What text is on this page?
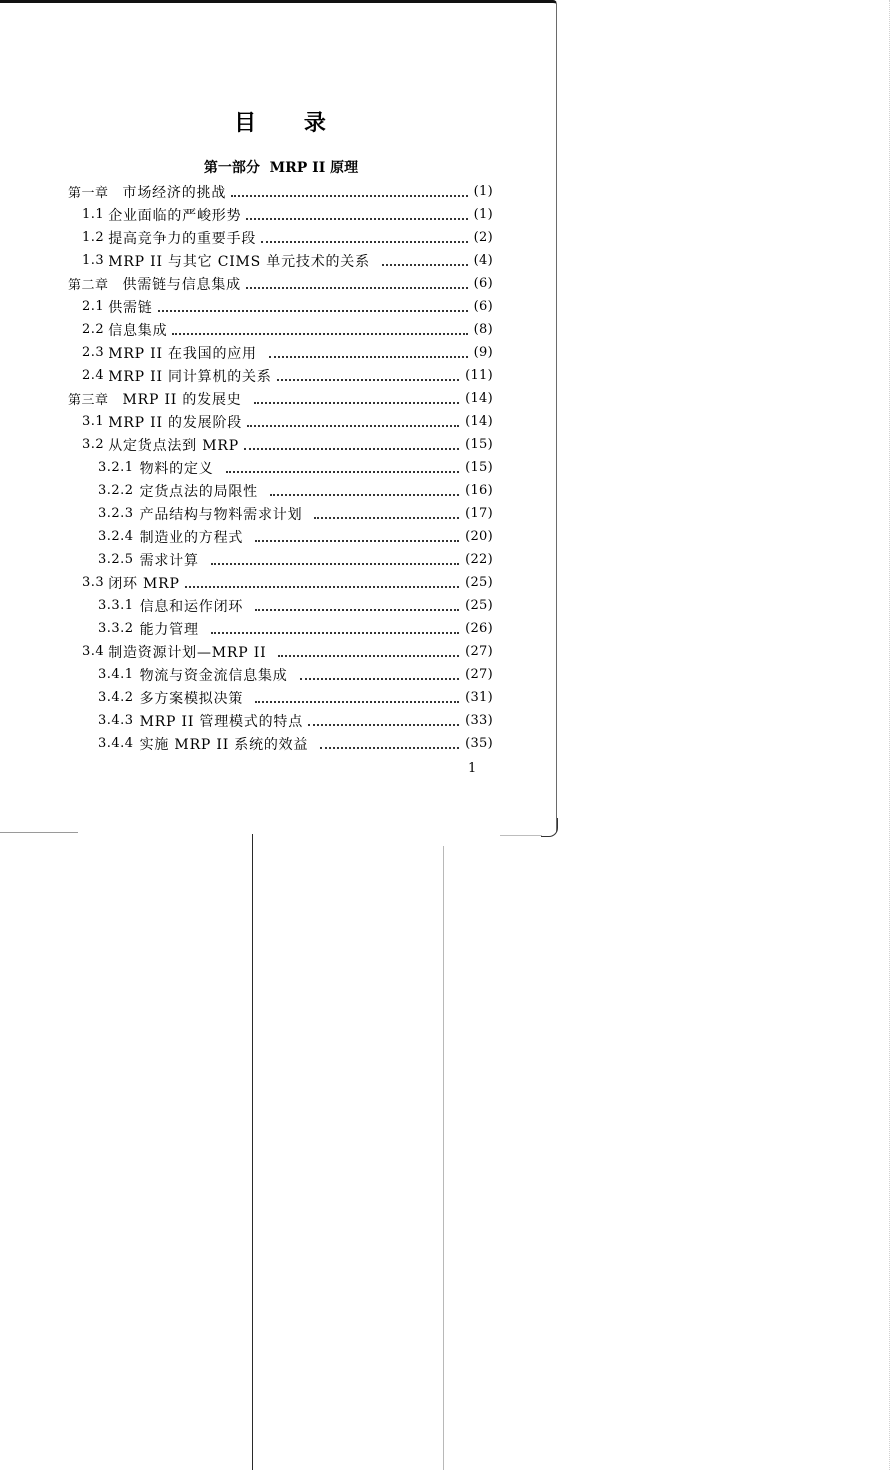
目 录
第一部分  MRP II 原理
第一章 市场经济的挑战	(1)
1.1 企业面临的严峻形势	(1)
1.2 提高竞争力的重要手段	(2)
1.3 MRP II 与其它 CIMS 单元技术的关系	(4)
第二章 供需链与信息集成	(6)
2.1 供需链	(6)
2.2 信息集成	(8)
2.3 MRP II 在我国的应用	(9)
2.4 MRP II 同计算机的关系	(11)
第三章 MRP II 的发展史	(14)
3.1 MRP II 的发展阶段	(14)
3.2 从定货点法到 MRP	(15)
3.2.1 物料的定义	(15)
3.2.2 定货点法的局限性	(16)
3.2.3 产品结构与物料需求计划	(17)
3.2.4 制造业的方程式	(20)
3.2.5 需求计算	(22)
3.3 闭环 MRP	(25)
3.3.1 信息和运作闭环	(25)
3.3.2 能力管理	(26)
3.4 制造资源计划—MRP II	(27)
3.4.1 物流与资金流信息集成	(27)
3.4.2 多方案模拟决策	(31)
3.4.3 MRP II 管理模式的特点	(33)
3.4.4 实施 MRP II 系统的效益	(35)
1
